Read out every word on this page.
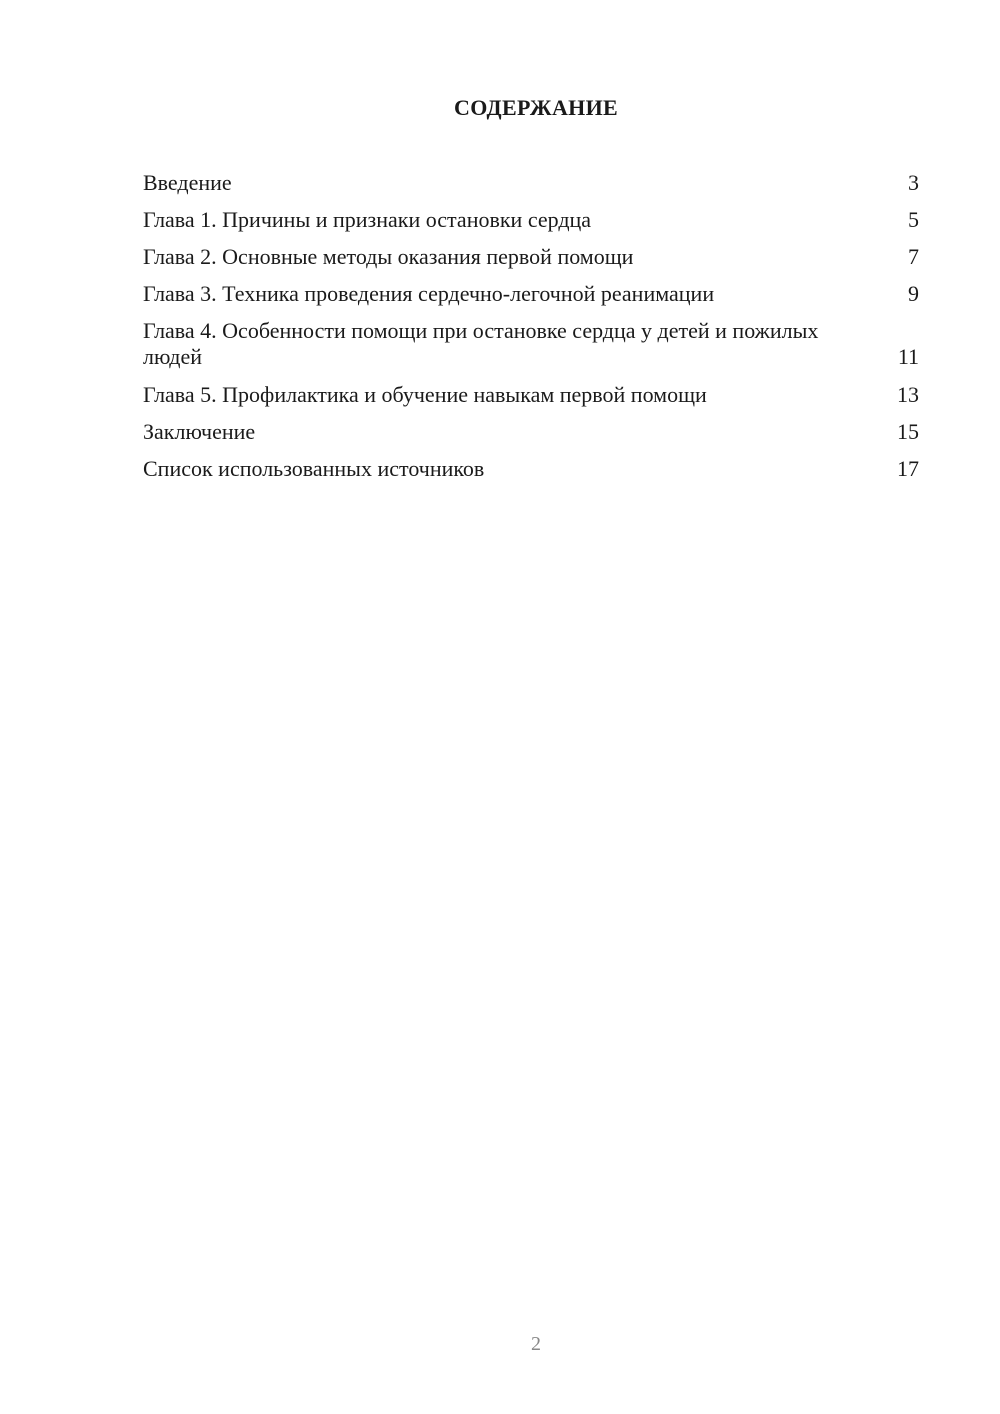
СОДЕРЖАНИЕ
Введение	3
Глава 1. Причины и признаки остановки сердца	5
Глава 2. Основные методы оказания первой помощи	7
Глава 3. Техника проведения сердечно-легочной реанимации	9
Глава 4. Особенности помощи при остановке сердца у детей и пожилых людей	11
Глава 5. Профилактика и обучение навыкам первой помощи	13
Заключение	15
Список использованных источников	17
2
